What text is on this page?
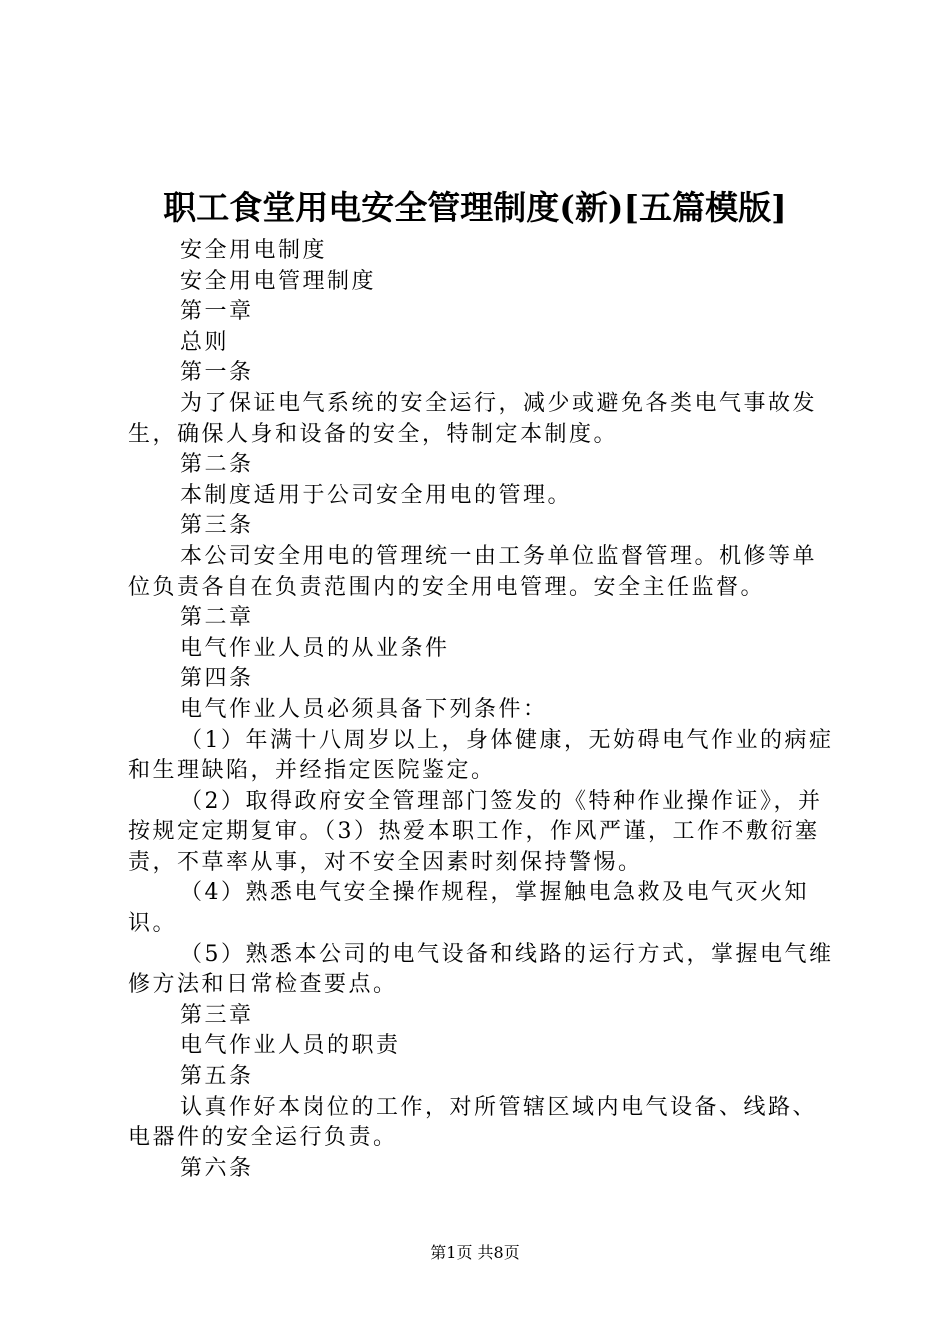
职工食堂用电安全管理制度(新)[五篇模版]

安全用电制度

安全用电管理制度

第一章

总则

第一条

为了保证电气系统的安全运行，减少或避免各类电气事故发生，确保人身和设备的安全，特制定本制度。

第二条

本制度适用于公司安全用电的管理。

第三条

本公司安全用电的管理统一由工务单位监督管理。机修等单位负责各自在负责范围内的安全用电管理。安全主任监督。

第二章

电气作业人员的从业条件

第四条

电气作业人员必须具备下列条件：

（1）年满十八周岁以上，身体健康，无妨碍电气作业的病症和生理缺陷，并经指定医院鉴定。

（2）取得政府安全管理部门签发的《特种作业操作证》，并按规定定期复审。（3）热爱本职工作，作风严谨，工作不敷衍塞责，不草率从事，对不安全因素时刻保持警惕。

（4）熟悉电气安全操作规程，掌握触电急救及电气灭火知识。

（5）熟悉本公司的电气设备和线路的运行方式，掌握电气维修方法和日常检查要点。

第三章

电气作业人员的职责

第五条

认真作好本岗位的工作，对所管辖区域内电气设备、线路、电器件的安全运行负责。

第六条

第1页 共8页
